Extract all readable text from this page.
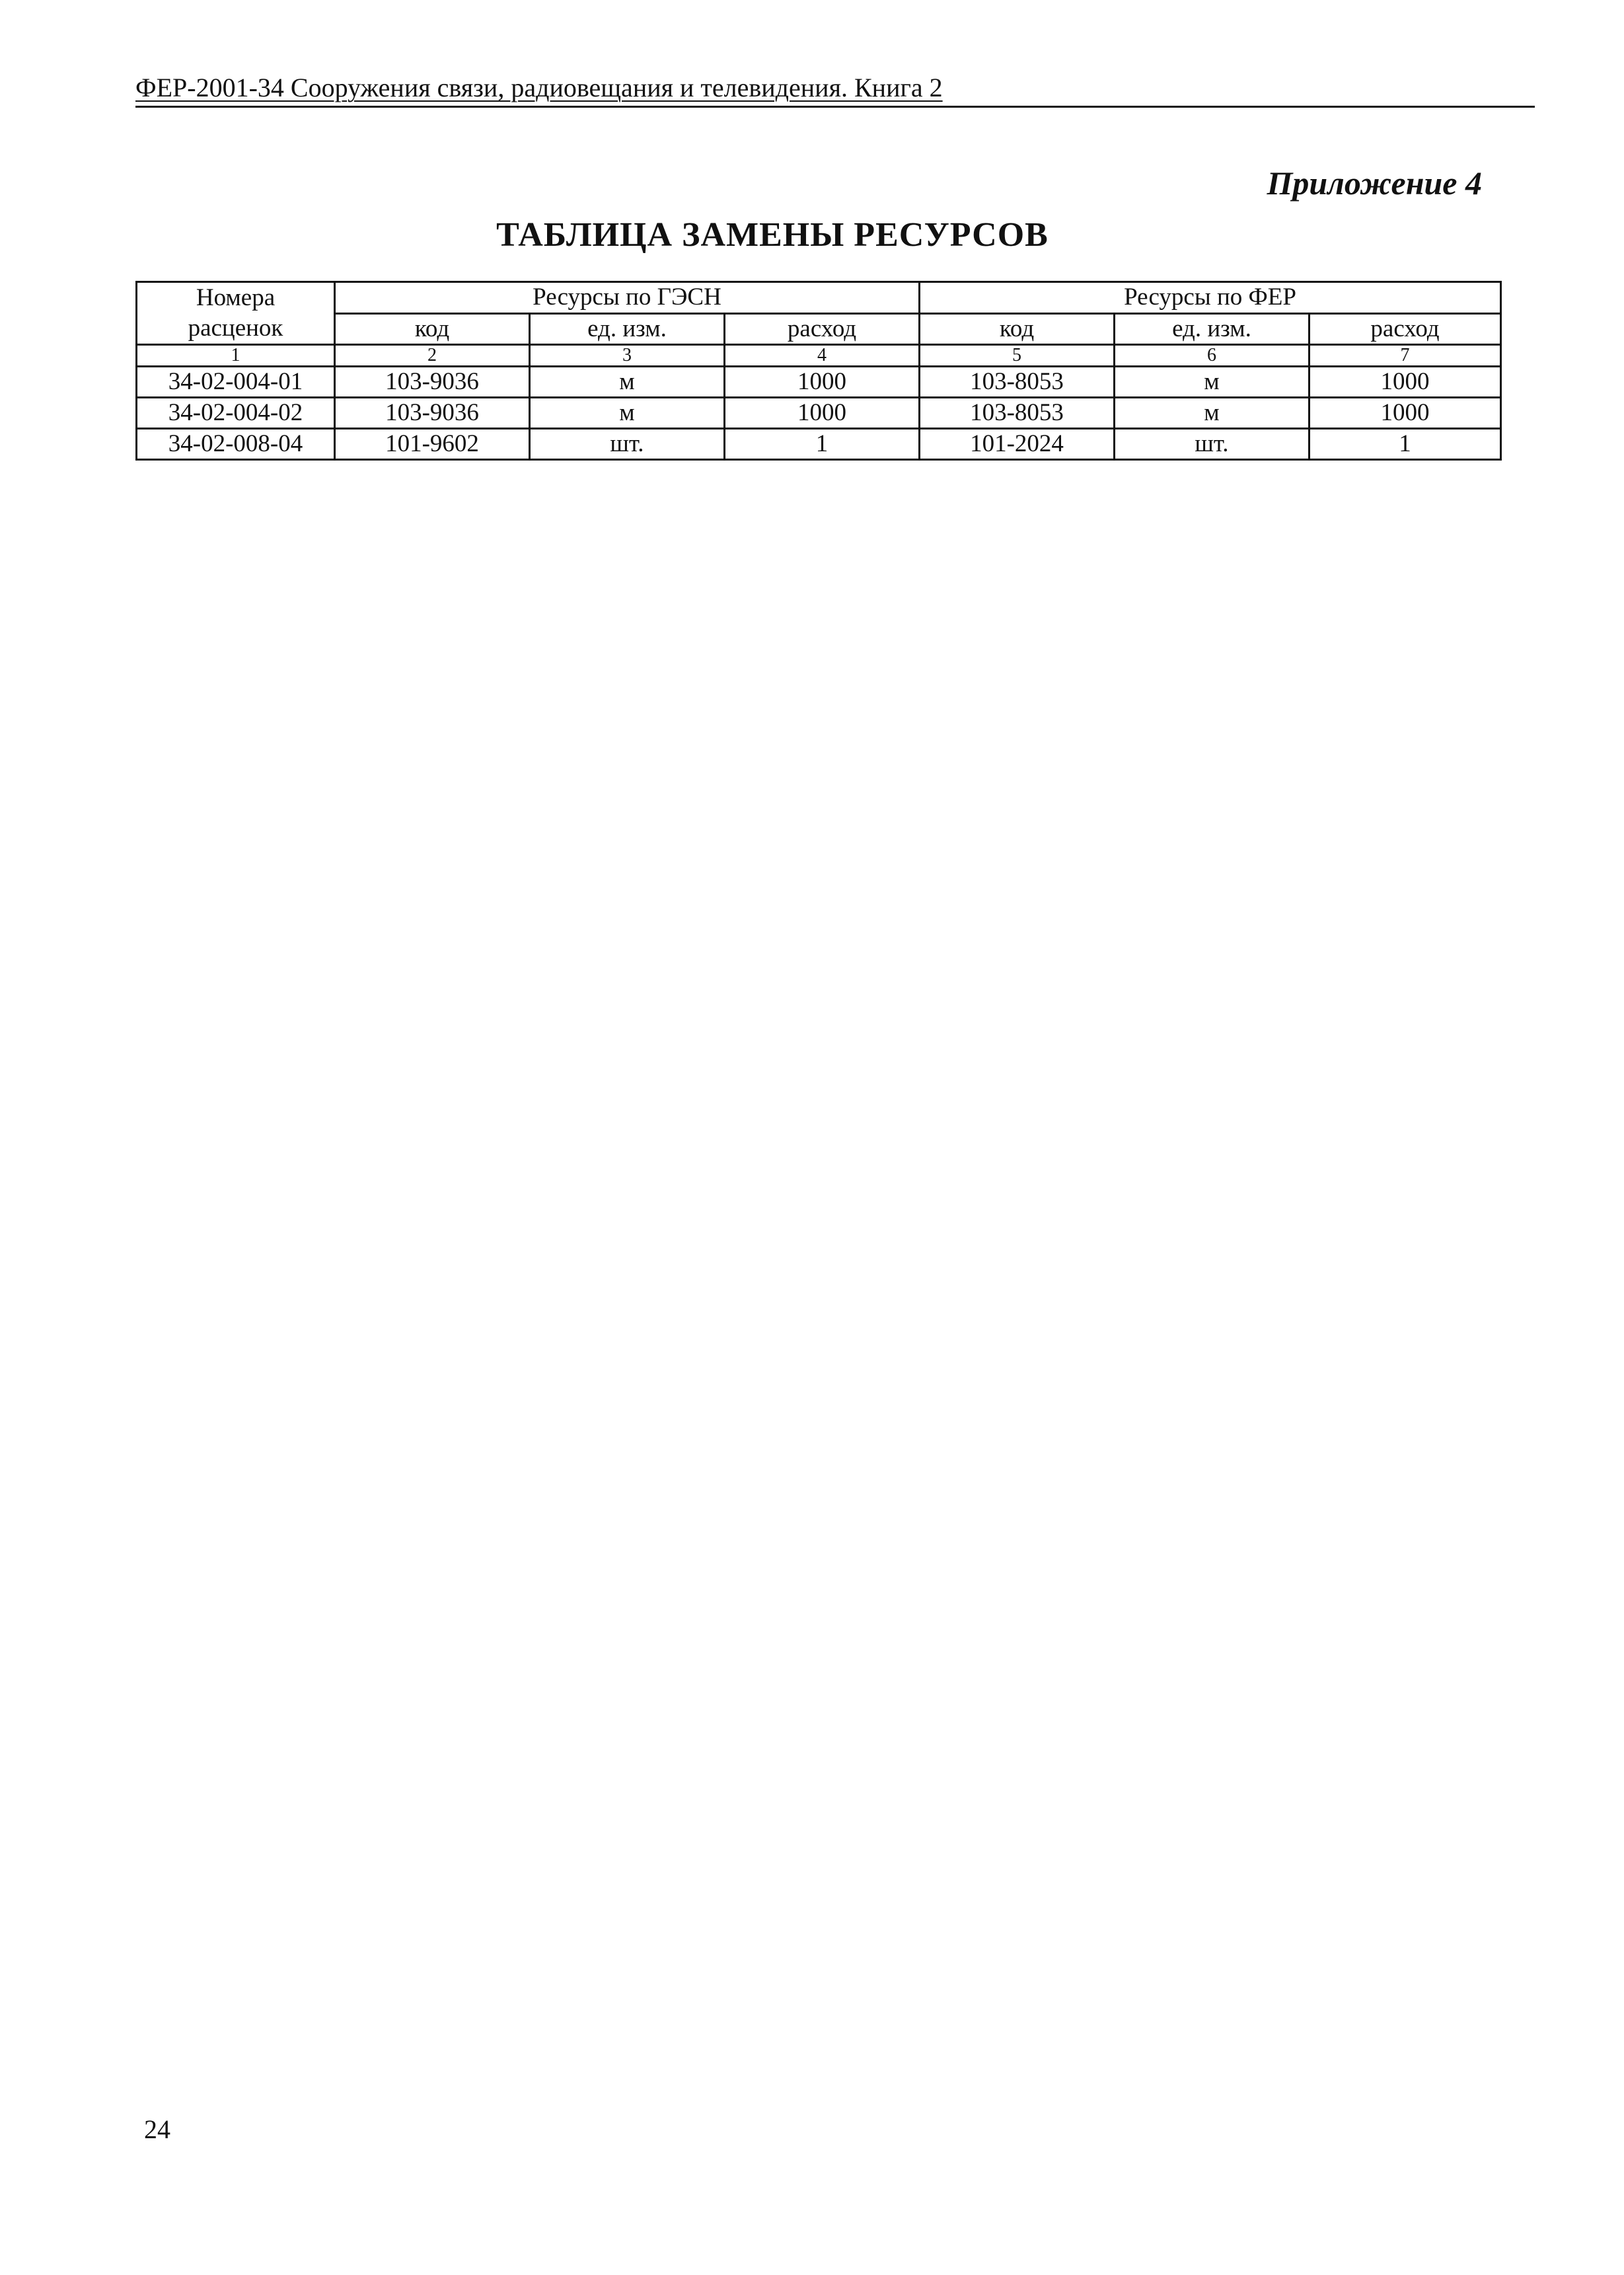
ФЕР-2001-34 Сооружения связи, радиовещания и телевидения. Книга 2
Приложение 4
ТАБЛИЦА ЗАМЕНЫ РЕСУРСОВ
Номера
расценок	Ресурсы по ГЭСН			Ресурсы по ФЕР		
	код	ед. изм.	расход	код	ед. изм.	расход
1	2	3	4	5	6	7
34-02-004-01	103-9036	м	1000	103-8053	м	1000
34-02-004-02	103-9036	м	1000	103-8053	м	1000
34-02-008-04	101-9602	шт.	1	101-2024	шт.	1
24
